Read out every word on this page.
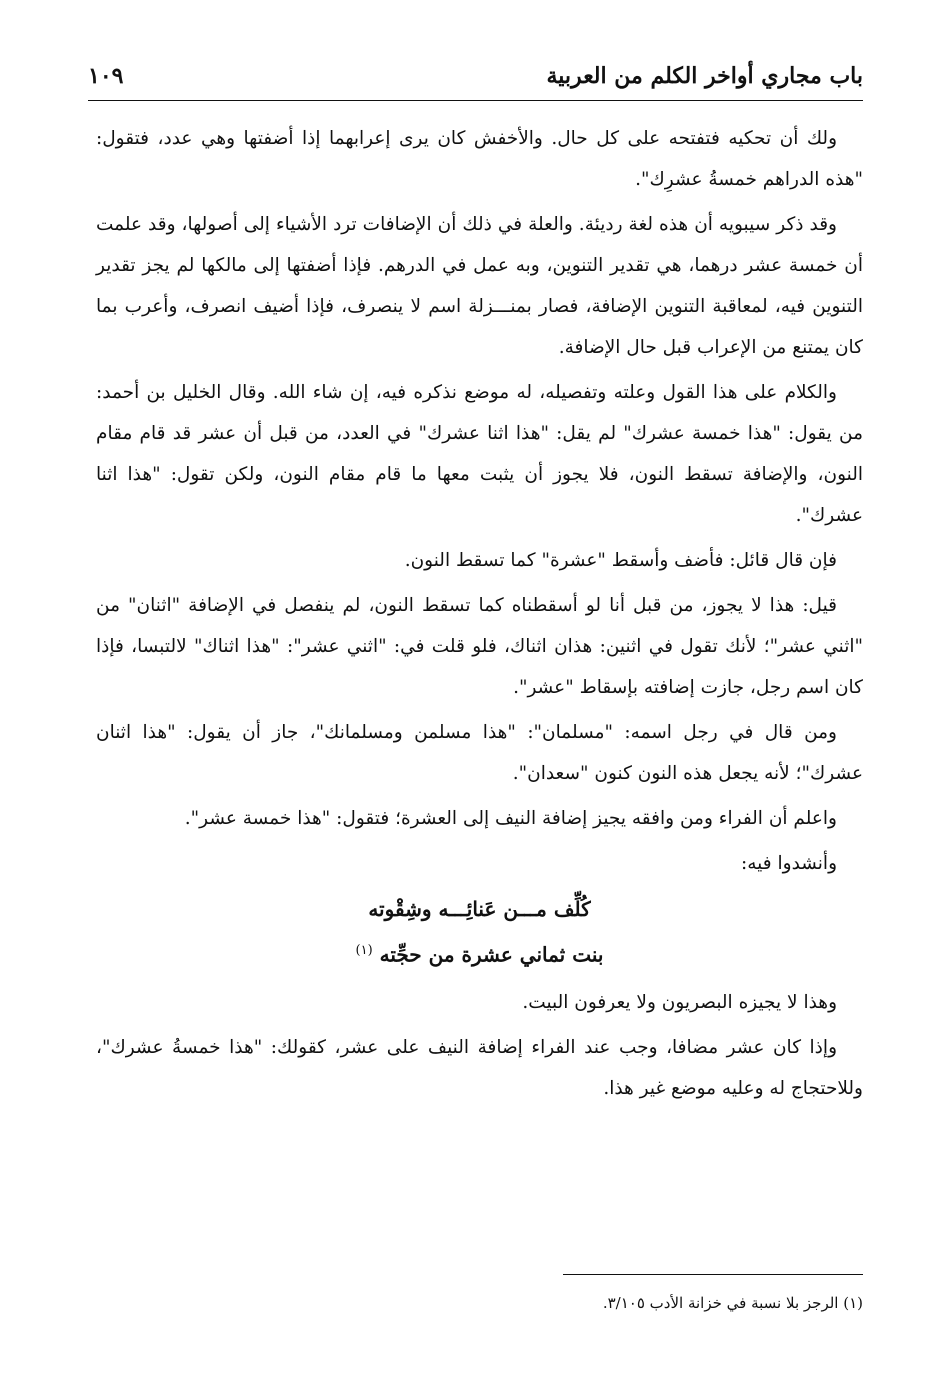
باب مجاري أواخر الكلم من العربية
١٠٩

ولك أن تحكيه فتفتحه على كل حال. والأخفش كان يرى إعرابهما إذا أضفتها وهي عدد، فتقول: "هذه الدراهم خمسةُ عشرِك".

وقد ذكر سيبويه أن هذه لغة رديئة. والعلة في ذلك أن الإضافات ترد الأشياء إلى أصولها، وقد علمت أن خمسة عشر درهما، هي تقدير التنوين، وبه عمل في الدرهم. فإذا أضفتها إلى مالكها لم يجز تقدير التنوين فيه، لمعاقبة التنوين الإضافة، فصار بمنـــزلة اسم لا ينصرف، فإذا أضيف انصرف، وأعرب بما كان يمتنع من الإعراب قبل حال الإضافة.

والكلام على هذا القول وعلته وتفصيله، له موضع نذكره فيه، إن شاء الله. وقال الخليل بن أحمد: من يقول: "هذا خمسة عشرك" لم يقل: "هذا اثنا عشرك" في العدد، من قبل أن عشر قد قام مقام النون، والإضافة تسقط النون، فلا يجوز أن يثبت معها ما قام مقام النون، ولكن تقول: "هذا اثنا عشرك".

فإن قال قائل: فأضف وأسقط "عشرة" كما تسقط النون.

قيل: هذا لا يجوز، من قبل أنا لو أسقطناه كما تسقط النون، لم ينفصل في الإضافة "اثنان" من "اثني عشر"؛ لأنك تقول في اثنين: هذان اثناك، فلو قلت في: "اثني عشر": "هذا اثناك" لالتبسا، فإذا كان اسم رجل، جازت إضافته بإسقاط "عشر".

ومن قال في رجل اسمه: "مسلمان": "هذا مسلمن ومسلمانك"، جاز أن يقول: "هذا اثنان عشرك"؛ لأنه يجعل هذه النون كنون "سعدان".

واعلم أن الفراء ومن وافقه يجيز إضافة النيف إلى العشرة؛ فتقول: "هذا خمسة عشر".

وأنشدوا فيه:

كُلِّف مـــن عَنائِـــه وشِقْوته
بنت ثماني عشرة من حجِّته $^{(١)}$

وهذا لا يجيزه البصريون ولا يعرفون البيت.

وإذا كان عشر مضافا، وجب عند الفراء إضافة النيف على عشر، كقولك: "هذا خمسةُ عشرك"، وللاحتجاج له وعليه موضع غير هذا.

(١) الرجز بلا نسبة في خزانة الأدب ٣/١٠٥.
